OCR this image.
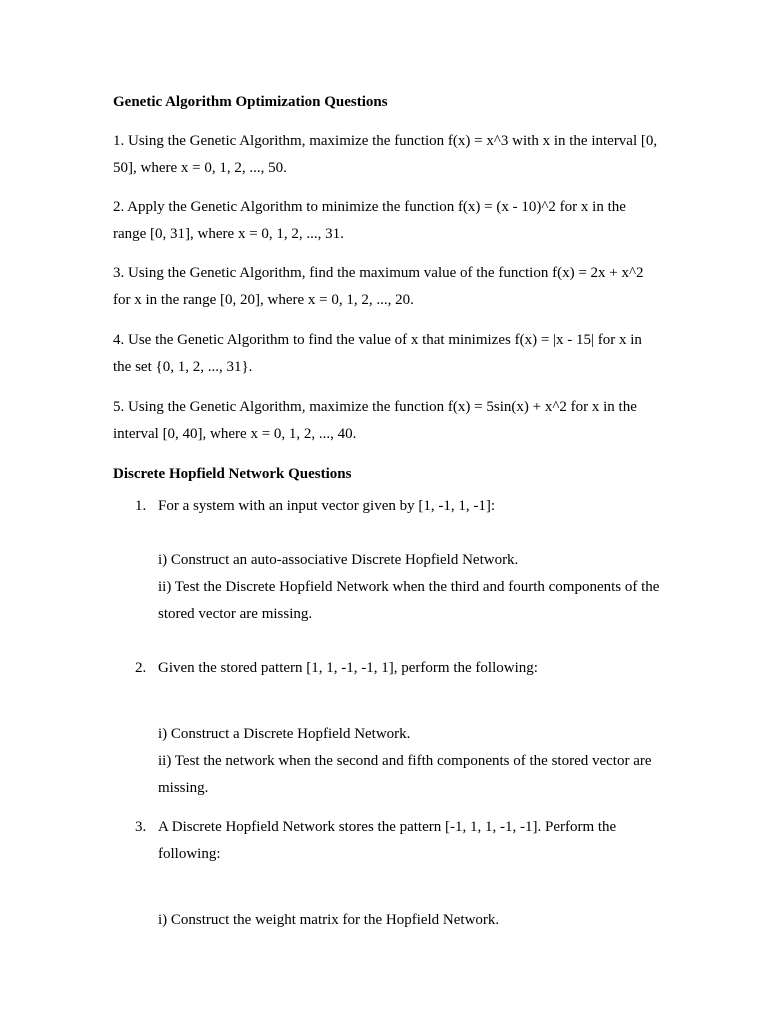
Genetic Algorithm Optimization Questions
1. Using the Genetic Algorithm, maximize the function f(x) = x^3 with x in the interval [0, 50], where x = 0, 1, 2, ..., 50.
2. Apply the Genetic Algorithm to minimize the function f(x) = (x - 10)^2 for x in the range [0, 31], where x = 0, 1, 2, ..., 31.
3. Using the Genetic Algorithm, find the maximum value of the function f(x) = 2x + x^2 for x in the range [0, 20], where x = 0, 1, 2, ..., 20.
4. Use the Genetic Algorithm to find the value of x that minimizes f(x) = |x - 15| for x in the set {0, 1, 2, ..., 31}.
5. Using the Genetic Algorithm, maximize the function f(x) = 5sin(x) + x^2 for x in the interval [0, 40], where x = 0, 1, 2, ..., 40.
Discrete Hopfield Network Questions
1. For a system with an input vector given by [1, -1, 1, -1]:
i) Construct an auto-associative Discrete Hopfield Network.
ii) Test the Discrete Hopfield Network when the third and fourth components of the stored vector are missing.
2. Given the stored pattern [1, 1, -1, -1, 1], perform the following:
i) Construct a Discrete Hopfield Network.
ii) Test the network when the second and fifth components of the stored vector are missing.
3. A Discrete Hopfield Network stores the pattern [-1, 1, 1, -1, -1]. Perform the following:
i) Construct the weight matrix for the Hopfield Network.
